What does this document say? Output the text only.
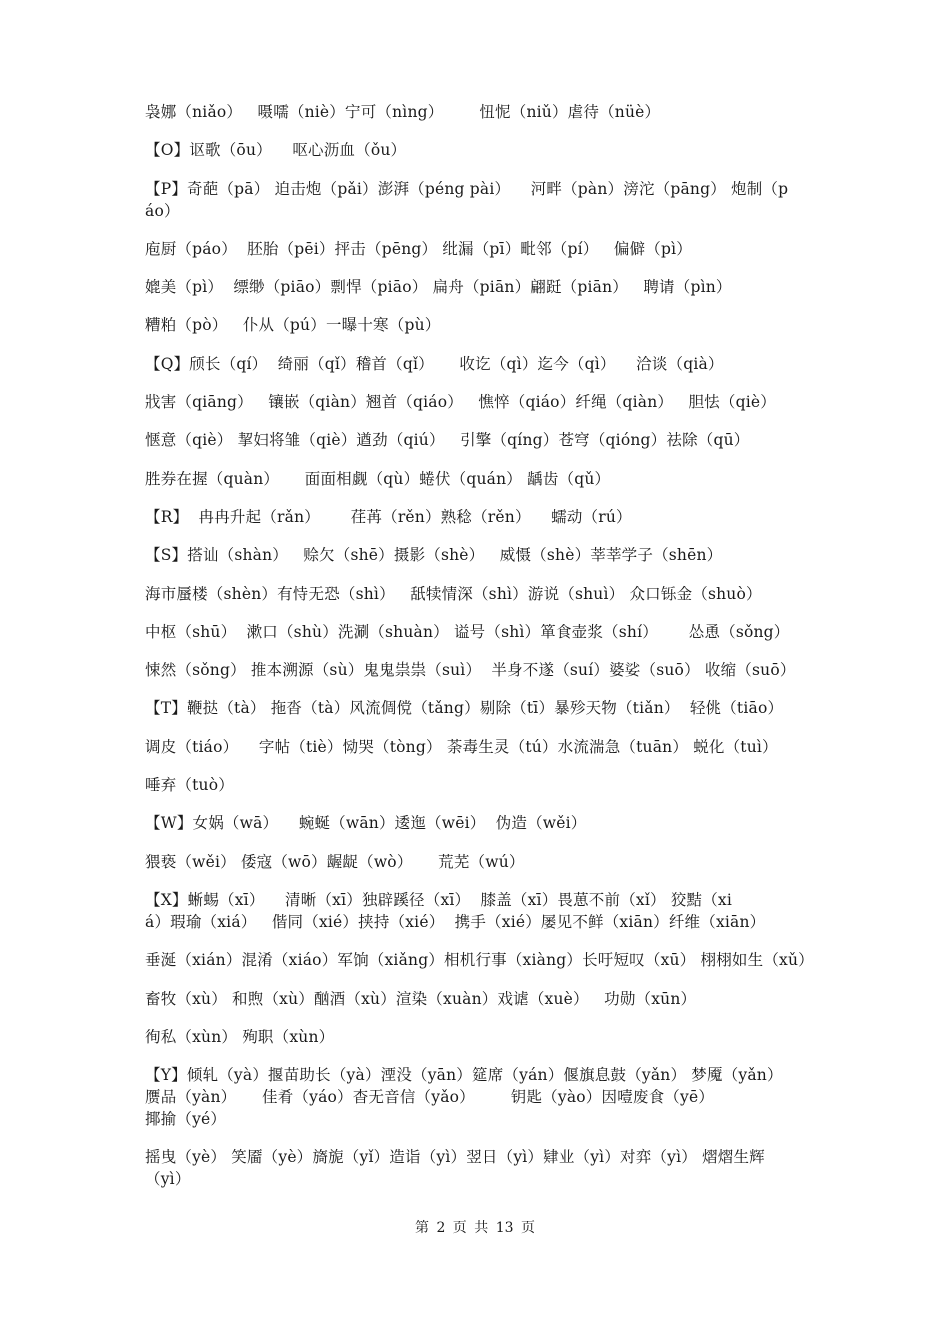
袅娜（niǎo）   嗫嚅（niè）宁可（nìng）       忸怩（niǔ）虐待（nüè）
【O】讴歌（ōu）    呕心沥血（ǒu）
【P】奇葩（pā） 迫击炮（pǎi）澎湃（péng pài）    河畔（pàn）滂沱（pāng） 炮制（p
áo）
庖厨（páo）  胚胎（pēi）抨击（pēng） 纰漏（pī）毗邻（pí）   偏僻（pì）
媲美（pì）  缥缈（piāo）剽悍（piāo） 扁舟（piān）翩跹（piān）   聘请（pìn）
糟粕（pò）   仆从（pú）一曝十寒（pù）
【Q】颀长（qí）  绮丽（qǐ）稽首（qǐ）     收讫（qì）迄今（qì）    洽谈（qià）
戕害（qiāng）   镶嵌（qiàn）翘首（qiáo）   憔悴（qiáo）纤绳（qiàn）   胆怯（qiè）
惬意（qiè） 挈妇将雏（qiè）遒劲（qiú）   引擎（qíng）苍穹（qióng）祛除（qū）
胜券在握（quàn）     面面相觑（qù）蜷伏（quán） 龋齿（qǔ）
【R】  冉冉升起（rǎn）      荏苒（rěn）熟稔（rěn）    蠕动（rú）
【S】搭讪（shàn）   赊欠（shē）摄影（shè）   威慑（shè）莘莘学子（shēn）
海市蜃楼（shèn）有恃无恐（shì）   舐犊情深（shì）游说（shuì） 众口铄金（shuò）
中枢（shū）  漱口（shù）洗涮（shuàn） 谥号（shì）箪食壶浆（shí）      怂恿（sǒng）
悚然（sǒng） 推本溯源（sù）鬼鬼祟祟（suì）  半身不遂（suí）婆娑（suō） 收缩（suō）
【T】鞭挞（tà） 拖沓（tà）风流倜傥（tǎng）剔除（tī）暴殄天物（tiǎn）  轻佻（tiāo）
调皮（tiáo）    字帖（tiè）恸哭（tòng） 荼毒生灵（tú）水流湍急（tuān） 蜕化（tuì）
唾弃（tuò）
【W】女娲（wā）    蜿蜒（wān）逶迤（wēi）  伪造（wěi）
猥亵（wěi） 倭寇（wō）龌龊（wò）     荒芜（wú）
【X】蜥蜴（xī）    清晰（xī）独辟蹊径（xī）  膝盖（xī）畏葸不前（xǐ） 狡黠（xi
á）瑕瑜（xiá）   偕同（xié）挟持（xié）  携手（xié）屡见不鲜（xiān）纤维（xiān）
垂涎（xián）混淆（xiáo）军饷（xiǎng）相机行事（xiàng）长吁短叹（xū） 栩栩如生（xǔ）
畜牧（xù） 和煦（xù）酗酒（xù）渲染（xuàn）戏谑（xuè）   功勋（xūn）
徇私（xùn） 殉职（xùn）
【Y】倾轧（yà）揠苗助长（yà）湮没（yān）筵席（yán）偃旗息鼓（yǎn） 梦魇（yǎn）
赝品（yàn）     佳肴（yáo）杳无音信（yǎo）       钥匙（yào）因噎废食（yē）
揶揄（yé）
摇曳（yè） 笑靥（yè）旖旎（yǐ）造诣（yì）翌日（yì）肄业（yì）对弈（yì） 熠熠生辉
（yì）
第 2 页 共 13 页
